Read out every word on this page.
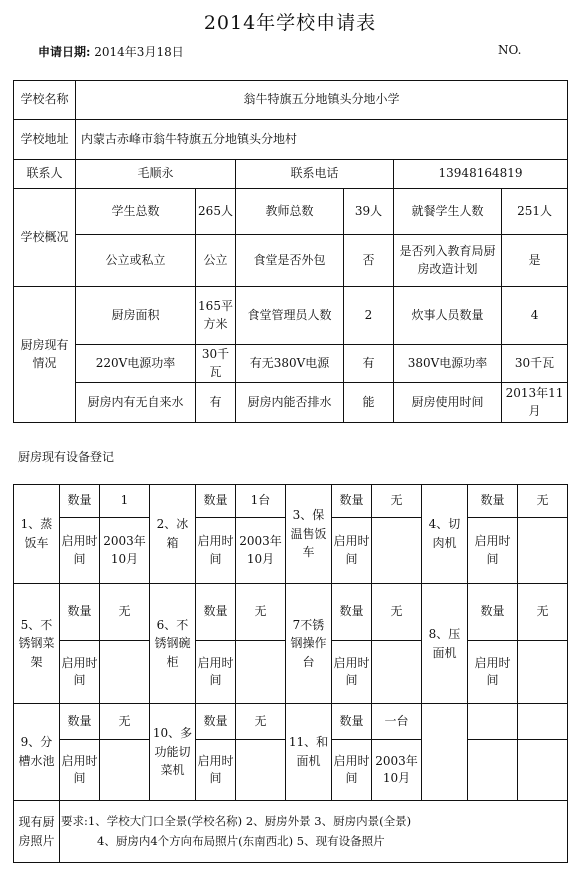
2014年学校申请表
申请日期: 2014年3月18日	NO.
学校名称	翁牛特旗五分地镇头分地小学					
学校地址	内蒙古赤峰市翁牛特旗五分地镇头分地村					
联系人	毛顺永		联系电话		13948164819	
学校概况	学生总数	265人	教师总数	39人	就餐学生人数	251人
	公立或私立	公立	食堂是否外包	否	是否列入教育局厨房改造计划	是
厨房现有情况	厨房面积	165平方米	食堂管理员人数	2	炊事人员数量	4
	220V电源功率	30千瓦	有无380V电源	有	380V电源功率	30千瓦
	厨房内有无自来水	有	厨房内能否排水	能	厨房使用时间	2013年11月
厨房现有设备登记
1、蒸饭车	数量	1	2、冰箱	数量	1台	3、保温售饭车	数量	无	4、切肉机	数量	无
	启用时间	2003年10月		启用时间	2003年10月		启用时间			启用时间	
5、不锈钢菜架	数量	无	6、不锈钢碗柜	数量	无	7不锈钢操作台	数量	无	8、压面机	数量	无
	启用时间			启用时间			启用时间			启用时间	
9、分槽水池	数量	无	10、多功能切菜机	数量	无	11、和面机	数量	一台			
	启用时间			启用时间			启用时间	2003年10月			
现有厨房照片	要求:1、学校大门口全景(学校名称) 2、厨房外景 3、厨房内景(全景)
4、厨房内4个方向布局照片(东南西北) 5、现有设备照片										
